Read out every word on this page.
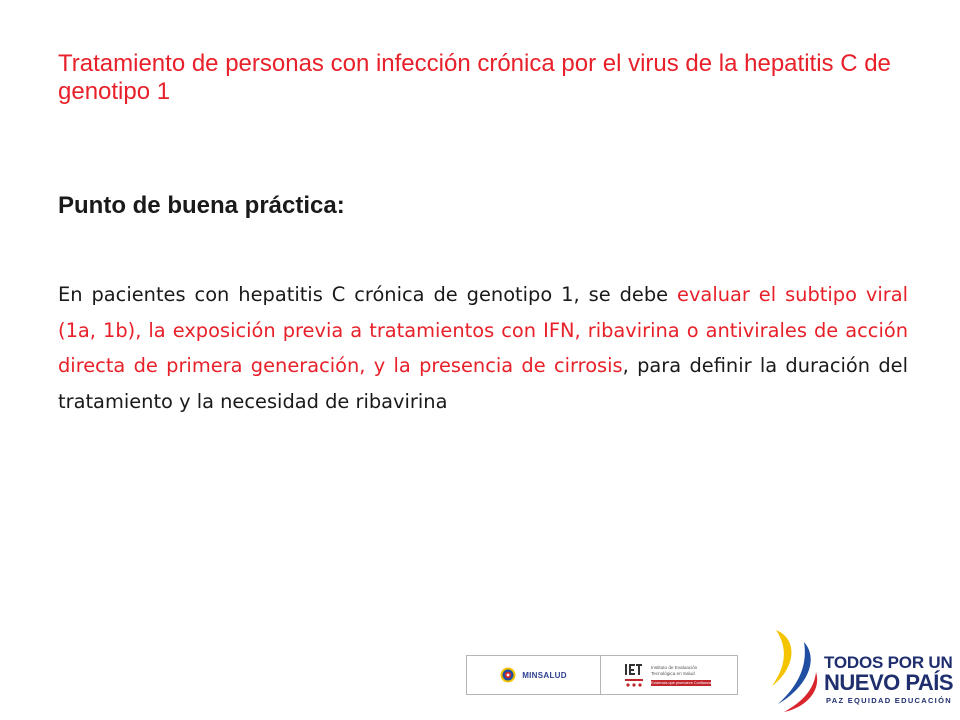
Tratamiento de personas con infección crónica por el virus de la hepatitis C de genotipo 1
Punto de buena práctica:

En pacientes con hepatitis C crónica de genotipo 1, se debe evaluar el subtipo viral (1a, 1b), la exposición previa a tratamientos con IFN, ribavirina o antivirales de acción directa de primera generación, y la presencia de cirrosis, para definir la duración del tratamiento y la necesidad de ribavirina

MINSALUD
Instituto de Evaluación
Tecnológica en Salud
Evidencia que promueve Confianza
TODOS POR UN
NUEVO PAÍS
PAZ EQUIDAD EDUCACIÓN
